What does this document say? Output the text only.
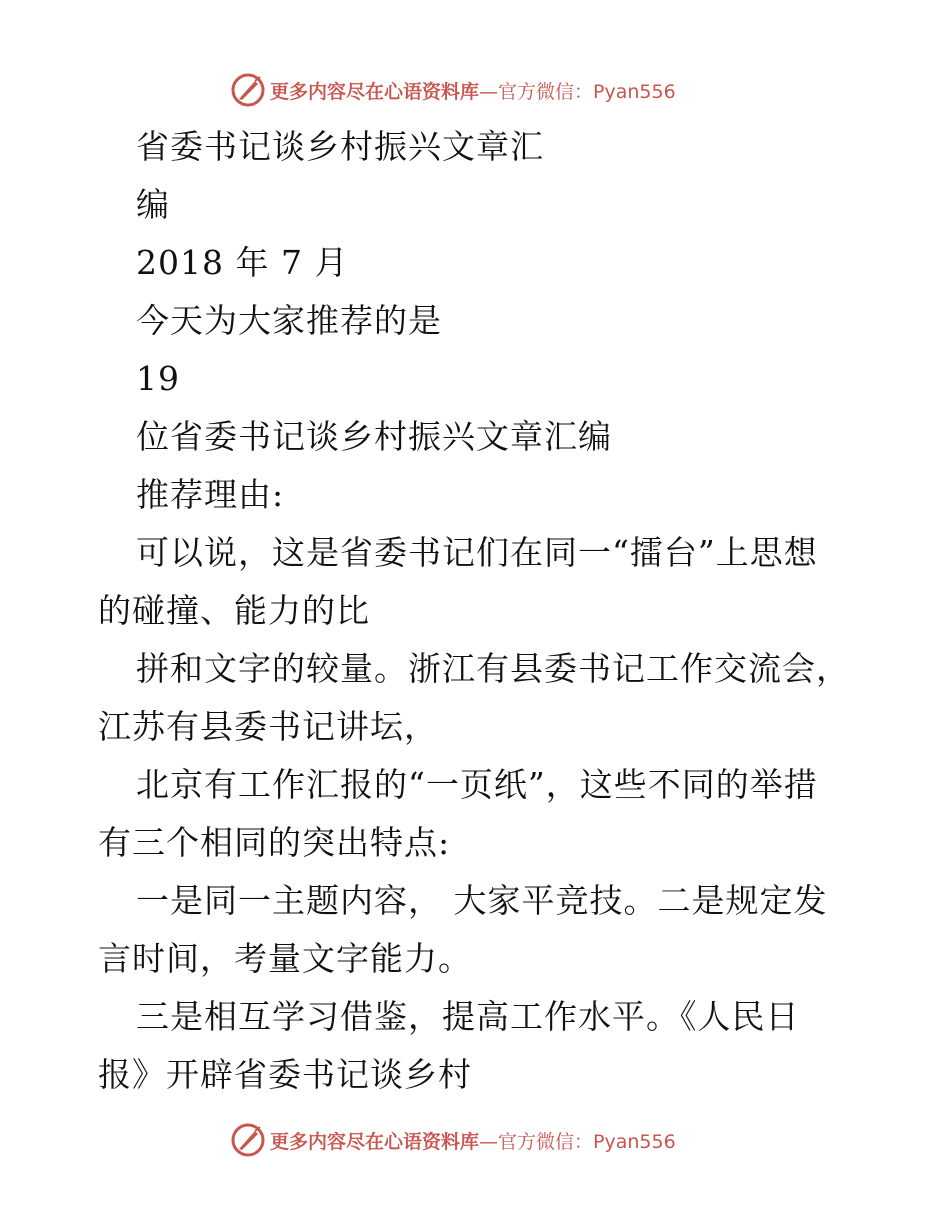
更多内容尽在心语资料库—官方微信：Pyan556
省委书记谈乡村振兴文章汇
编
2018 年 7 月
今天为大家推荐的是
19
位省委书记谈乡村振兴文章汇编
推荐理由:
可以说，这是省委书记们在同一“擂台”上思想
的碰撞、能力的比
拼和文字的较量。浙江有县委书记工作交流会，
江苏有县委书记讲坛，
北京有工作汇报的“一页纸”，这些不同的举措
有三个相同的突出特点:
一是同一主题内容， 大家平竞技。二是规定发
言时间，考量文字能力。
三是相互学习借鉴，提高工作水平。《人民日
报》开辟省委书记谈乡村
更多内容尽在心语资料库—官方微信：Pyan556
